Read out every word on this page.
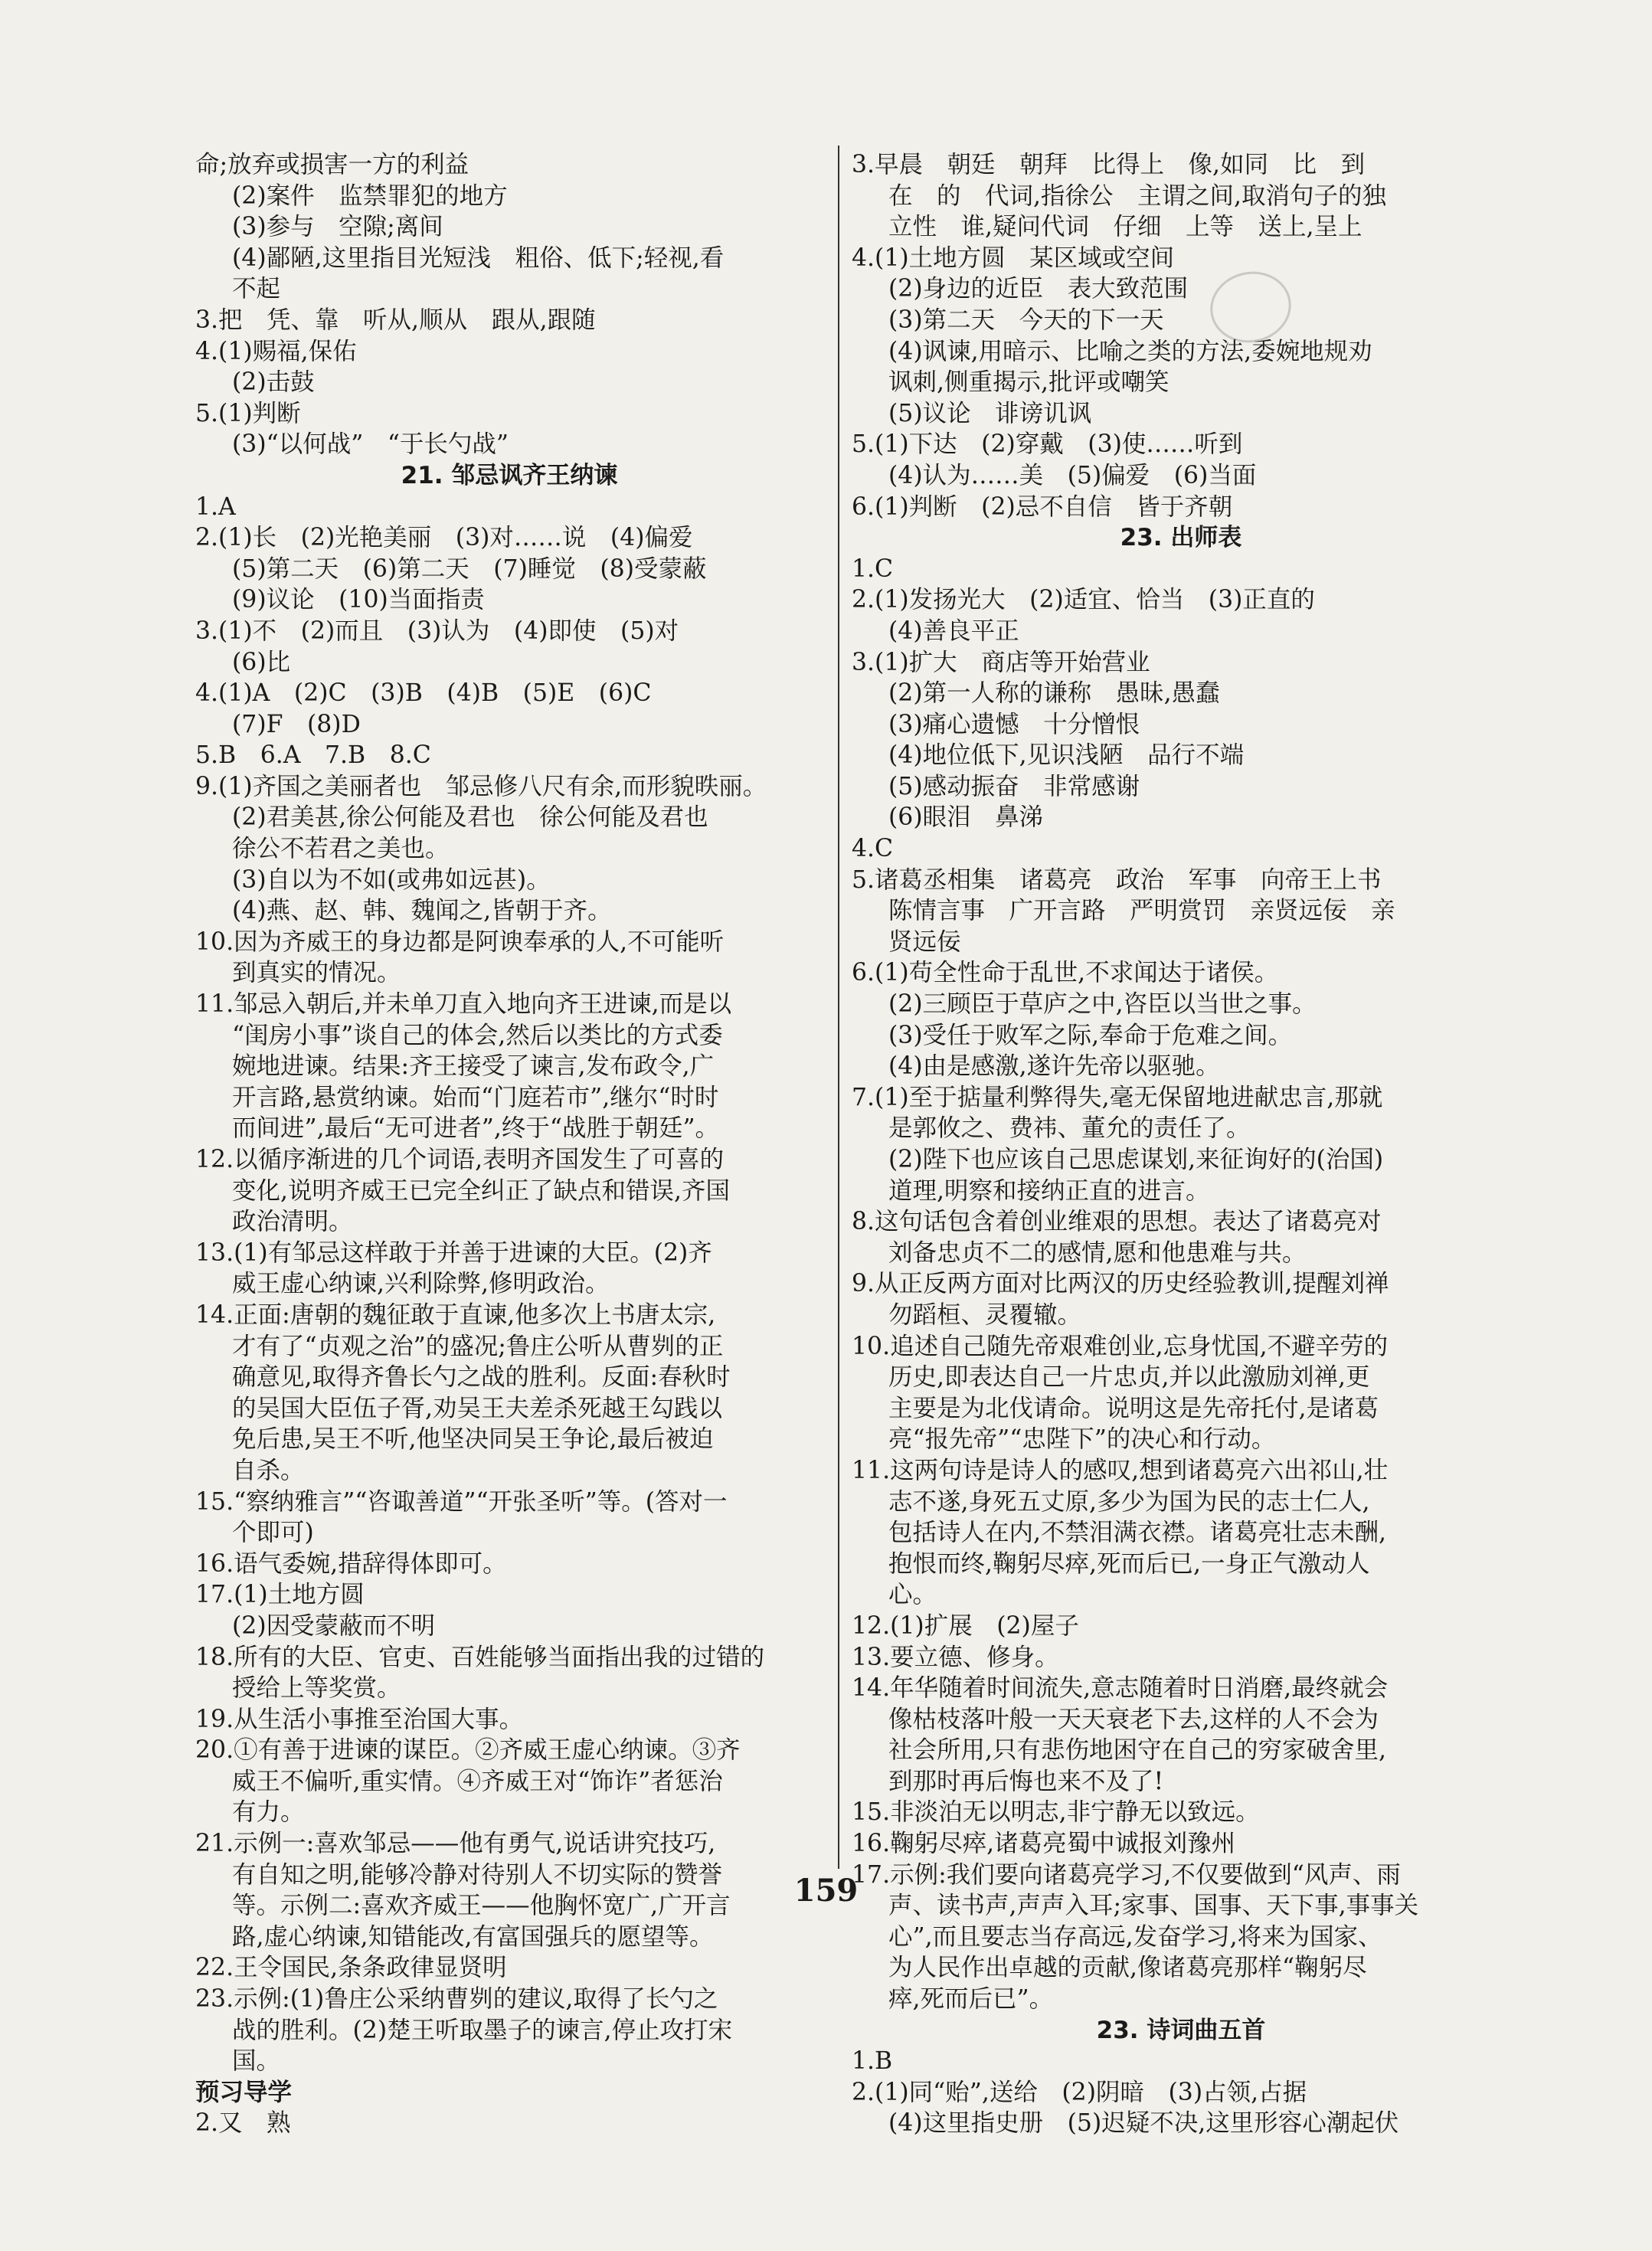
命;放弃或损害一方的利益
(2)案件　监禁罪犯的地方
(3)参与　空隙;离间
(4)鄙陋,这里指目光短浅　粗俗、低下;轻视,看
不起
3.把　凭、靠　听从,顺从　跟从,跟随
4.(1)赐福,保佑
(2)击鼓
5.(1)判断
(3)“以何战”　“于长勺战”
21. 邹忌讽齐王纳谏
1.A
2.(1)长　(2)光艳美丽　(3)对……说　(4)偏爱
(5)第二天　(6)第二天　(7)睡觉　(8)受蒙蔽
(9)议论　(10)当面指责
3.(1)不　(2)而且　(3)认为　(4)即使　(5)对
(6)比
4.(1)A　(2)C　(3)B　(4)B　(5)E　(6)C
(7)F　(8)D
5.B　6.A　7.B　8.C
9.(1)齐国之美丽者也　邹忌修八尺有余,而形貌昳丽。
(2)君美甚,徐公何能及君也　徐公何能及君也
徐公不若君之美也。
(3)自以为不如(或弗如远甚)。
(4)燕、赵、韩、魏闻之,皆朝于齐。
10.因为齐威王的身边都是阿谀奉承的人,不可能听
到真实的情况。
11.邹忌入朝后,并未单刀直入地向齐王进谏,而是以
“闺房小事”谈自己的体会,然后以类比的方式委
婉地进谏。结果:齐王接受了谏言,发布政令,广
开言路,悬赏纳谏。始而“门庭若市”,继尔“时时
而间进”,最后“无可进者”,终于“战胜于朝廷”。
12.以循序渐进的几个词语,表明齐国发生了可喜的
变化,说明齐威王已完全纠正了缺点和错误,齐国
政治清明。
13.(1)有邹忌这样敢于并善于进谏的大臣。(2)齐
威王虚心纳谏,兴利除弊,修明政治。
14.正面:唐朝的魏征敢于直谏,他多次上书唐太宗,
才有了“贞观之治”的盛况;鲁庄公听从曹刿的正
确意见,取得齐鲁长勺之战的胜利。反面:春秋时
的吴国大臣伍子胥,劝吴王夫差杀死越王勾践以
免后患,吴王不听,他坚决同吴王争论,最后被迫
自杀。
15.“察纳雅言”“咨诹善道”“开张圣听”等。(答对一
个即可)
16.语气委婉,措辞得体即可。
17.(1)土地方圆
(2)因受蒙蔽而不明
18.所有的大臣、官吏、百姓能够当面指出我的过错的
授给上等奖赏。
19.从生活小事推至治国大事。
20.①有善于进谏的谋臣。②齐威王虚心纳谏。③齐
威王不偏听,重实情。④齐威王对“饰诈”者惩治
有力。
21.示例一:喜欢邹忌——他有勇气,说话讲究技巧,
有自知之明,能够冷静对待别人不切实际的赞誉
等。示例二:喜欢齐威王——他胸怀宽广,广开言
路,虚心纳谏,知错能改,有富国强兵的愿望等。
22.王令国民,条条政律显贤明
23.示例:(1)鲁庄公采纳曹刿的建议,取得了长勺之
战的胜利。(2)楚王听取墨子的谏言,停止攻打宋
国。
预习导学
2.又　熟
3.早晨　朝廷　朝拜　比得上　像,如同　比　到
在　的　代词,指徐公　主谓之间,取消句子的独
立性　谁,疑问代词　仔细　上等　送上,呈上
4.(1)土地方圆　某区域或空间
(2)身边的近臣　表大致范围
(3)第二天　今天的下一天
(4)讽谏,用暗示、比喻之类的方法,委婉地规劝
讽刺,侧重揭示,批评或嘲笑
(5)议论　诽谤讥讽
5.(1)下达　(2)穿戴　(3)使……听到
(4)认为……美　(5)偏爱　(6)当面
6.(1)判断　(2)忌不自信　皆于齐朝
23. 出师表
1.C
2.(1)发扬光大　(2)适宜、恰当　(3)正直的
(4)善良平正
3.(1)扩大　商店等开始营业
(2)第一人称的谦称　愚昧,愚蠢
(3)痛心遗憾　十分憎恨
(4)地位低下,见识浅陋　品行不端
(5)感动振奋　非常感谢
(6)眼泪　鼻涕
4.C
5.诸葛丞相集　诸葛亮　政治　军事　向帝王上书
陈情言事　广开言路　严明赏罚　亲贤远佞　亲
贤远佞
6.(1)苟全性命于乱世,不求闻达于诸侯。
(2)三顾臣于草庐之中,咨臣以当世之事。
(3)受任于败军之际,奉命于危难之间。
(4)由是感激,遂许先帝以驱驰。
7.(1)至于掂量利弊得失,毫无保留地进献忠言,那就
是郭攸之、费祎、董允的责任了。
(2)陛下也应该自己思虑谋划,来征询好的(治国)
道理,明察和接纳正直的进言。
8.这句话包含着创业维艰的思想。表达了诸葛亮对
刘备忠贞不二的感情,愿和他患难与共。
9.从正反两方面对比两汉的历史经验教训,提醒刘禅
勿蹈桓、灵覆辙。
10.追述自己随先帝艰难创业,忘身忧国,不避辛劳的
历史,即表达自己一片忠贞,并以此激励刘禅,更
主要是为北伐请命。说明这是先帝托付,是诸葛
亮“报先帝”“忠陛下”的决心和行动。
11.这两句诗是诗人的感叹,想到诸葛亮六出祁山,壮
志不遂,身死五丈原,多少为国为民的志士仁人,
包括诗人在内,不禁泪满衣襟。诸葛亮壮志未酬,
抱恨而终,鞠躬尽瘁,死而后已,一身正气激动人
心。
12.(1)扩展　(2)屋子
13.要立德、修身。
14.年华随着时间流失,意志随着时日消磨,最终就会
像枯枝落叶般一天天衰老下去,这样的人不会为
社会所用,只有悲伤地困守在自己的穷家破舍里,
到那时再后悔也来不及了!
15.非淡泊无以明志,非宁静无以致远。
16.鞠躬尽瘁,诸葛亮蜀中诚报刘豫州
17.示例:我们要向诸葛亮学习,不仅要做到“风声、雨
声、读书声,声声入耳;家事、国事、天下事,事事关
心”,而且要志当存高远,发奋学习,将来为国家、
为人民作出卓越的贡献,像诸葛亮那样“鞠躬尽
瘁,死而后已”。
23. 诗词曲五首
1.B
2.(1)同“贻”,送给　(2)阴暗　(3)占领,占据
(4)这里指史册　(5)迟疑不决,这里形容心潮起伏
159
